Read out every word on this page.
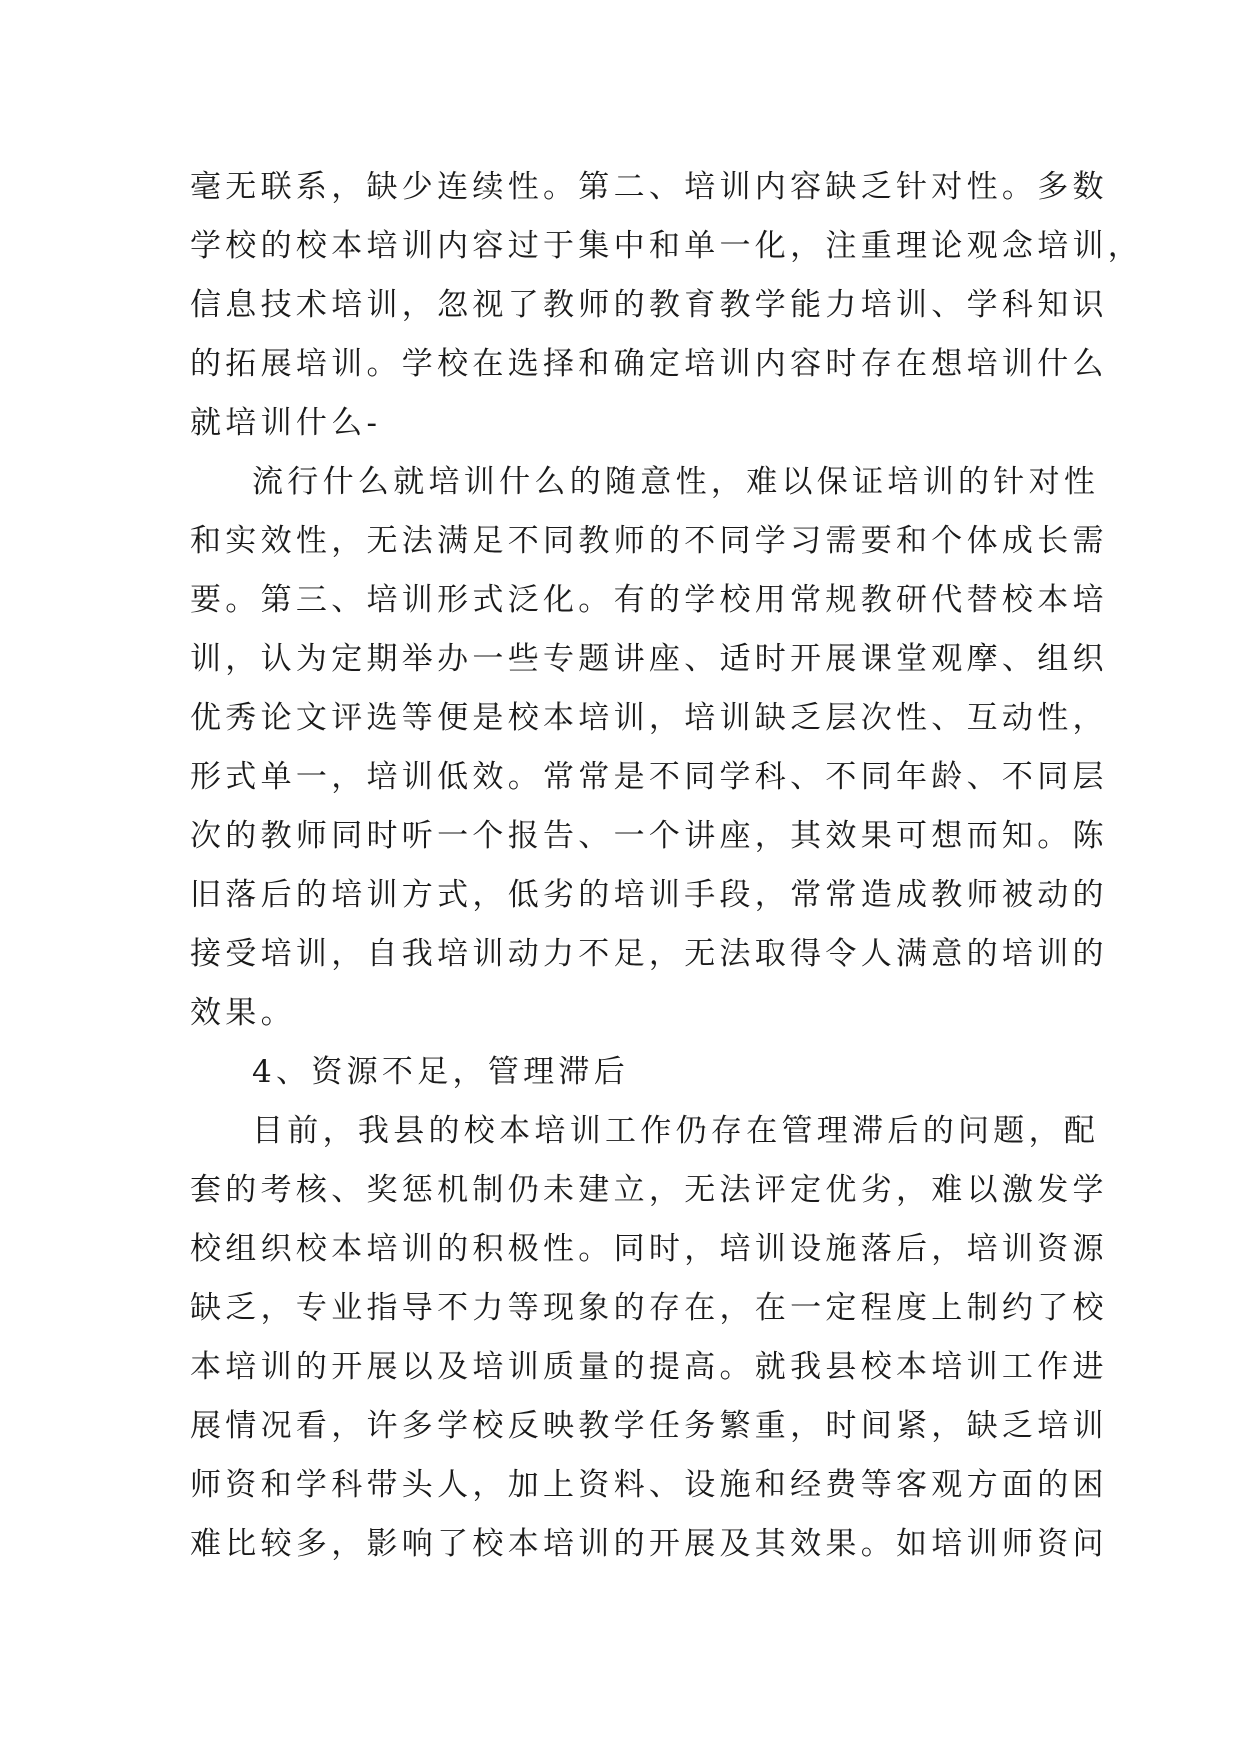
毫无联系，缺少连续性。第二、培训内容缺乏针对性。多数
学校的校本培训内容过于集中和单一化，注重理论观念培训，
信息技术培训，忽视了教师的教育教学能力培训、学科知识
的拓展培训。学校在选择和确定培训内容时存在想培训什么
就培训什么-
流行什么就培训什么的随意性，难以保证培训的针对性
和实效性，无法满足不同教师的不同学习需要和个体成长需
要。第三、培训形式泛化。有的学校用常规教研代替校本培
训，认为定期举办一些专题讲座、适时开展课堂观摩、组织
优秀论文评选等便是校本培训，培训缺乏层次性、互动性，
形式单一，培训低效。常常是不同学科、不同年龄、不同层
次的教师同时听一个报告、一个讲座，其效果可想而知。陈
旧落后的培训方式，低劣的培训手段，常常造成教师被动的
接受培训，自我培训动力不足，无法取得令人满意的培训的
效果。
4、资源不足，管理滞后
目前，我县的校本培训工作仍存在管理滞后的问题，配
套的考核、奖惩机制仍未建立，无法评定优劣，难以激发学
校组织校本培训的积极性。同时，培训设施落后，培训资源
缺乏，专业指导不力等现象的存在，在一定程度上制约了校
本培训的开展以及培训质量的提高。就我县校本培训工作进
展情况看，许多学校反映教学任务繁重，时间紧，缺乏培训
师资和学科带头人，加上资料、设施和经费等客观方面的困
难比较多，影响了校本培训的开展及其效果。如培训师资问
